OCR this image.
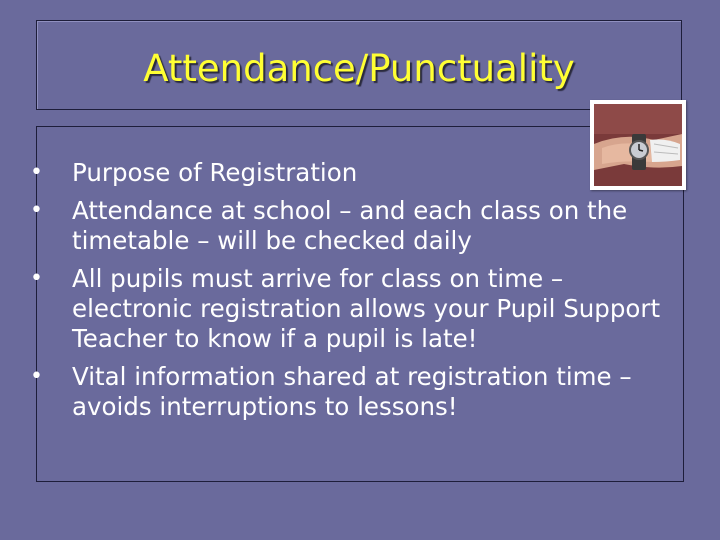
Attendance/Punctuality
• Purpose of Registration
• Attendance at school – and each class on the timetable – will be checked daily
• All pupils must arrive for class on time – electronic registration allows your Pupil Support Teacher to know if a pupil is late!
• Vital information shared at registration time –avoids interruptions to lessons!
